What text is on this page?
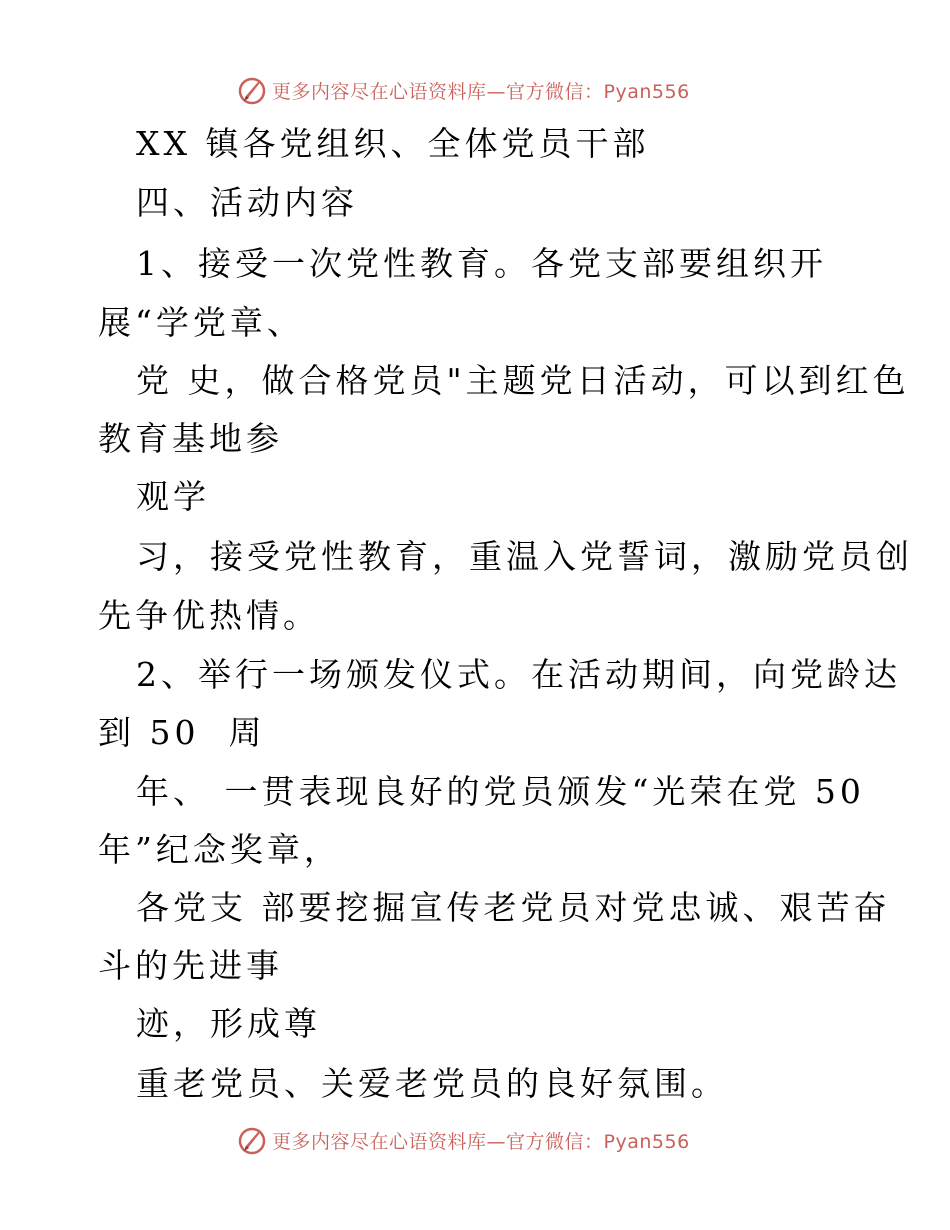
更多内容尽在心语资料库—官方微信：Pyan556
XX 镇各党组织、全体党员干部
四、活动内容
1、接受一次党性教育。各党支部要组织开
展“学党章、
党 史，做合格党员"主题党日活动，可以到红色
教育基地参
观学
习，接受党性教育，重温入党誓词，激励党员创
先争优热情。
2、举行一场颁发仪式。在活动期间，向党龄达
到 50  周
年、 一贯表现良好的党员颁发“光荣在党 50
年”纪念奖章，
各党支 部要挖掘宣传老党员对党忠诚、艰苦奋
斗的先进事
迹，形成尊
重老党员、关爱老党员的良好氛围。
更多内容尽在心语资料库—官方微信：Pyan556
